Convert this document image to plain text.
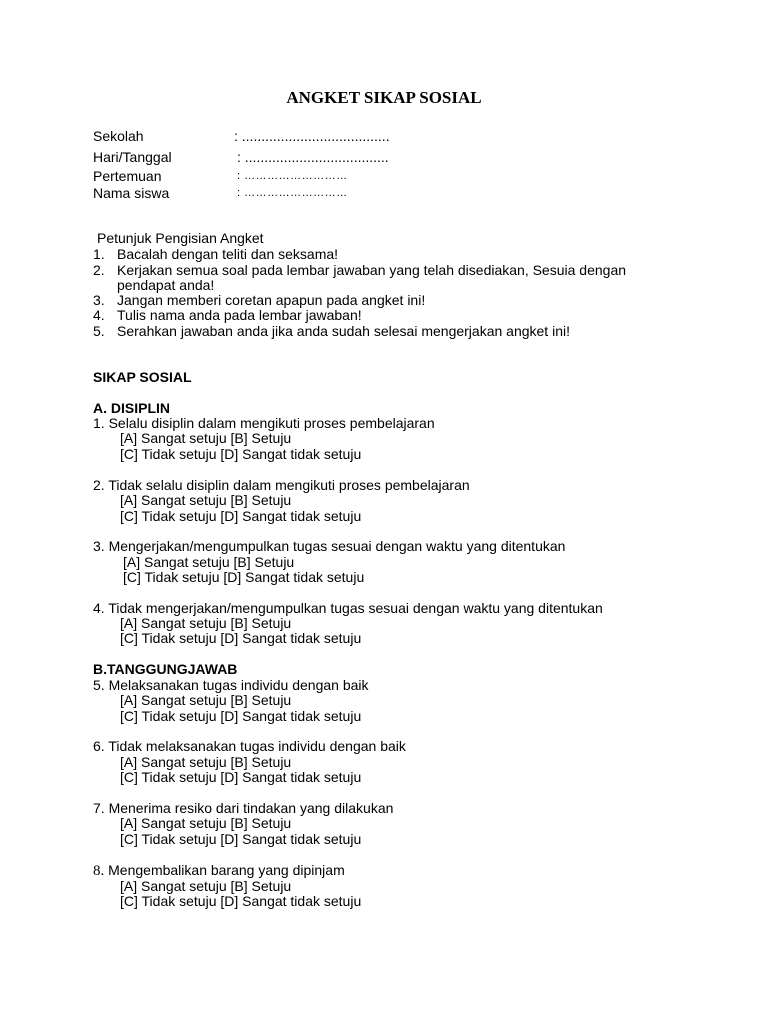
ANGKET SIKAP SOSIAL
Sekolah	: ......................................
Hari/Tanggal	: .....................................
Pertemuan	: ………………………
Nama siswa	: ………………………
Petunjuk Pengisian Angket
1. Bacalah dengan teliti dan seksama!
2. Kerjakan semua soal pada lembar jawaban yang telah disediakan, Sesuia dengan
pendapat anda!
3. Jangan memberi coretan apapun pada angket ini!
4. Tulis nama anda pada lembar jawaban!
5. Serahkan jawaban anda jika anda sudah selesai mengerjakan angket ini!
SIKAP SOSIAL
A. DISIPLIN
1. Selalu disiplin dalam mengikuti proses pembelajaran
[A] Sangat setuju [B] Setuju
[C] Tidak setuju [D] Sangat tidak setuju
2. Tidak selalu disiplin dalam mengikuti proses pembelajaran
[A] Sangat setuju [B] Setuju
[C] Tidak setuju [D] Sangat tidak setuju
3. Mengerjakan/mengumpulkan tugas sesuai dengan waktu yang ditentukan
[A] Sangat setuju [B] Setuju
[C] Tidak setuju [D] Sangat tidak setuju
4. Tidak mengerjakan/mengumpulkan tugas sesuai dengan waktu yang ditentukan
[A] Sangat setuju [B] Setuju
[C] Tidak setuju [D] Sangat tidak setuju
B.TANGGUNGJAWAB
5. Melaksanakan tugas individu dengan baik
[A] Sangat setuju [B] Setuju
[C] Tidak setuju [D] Sangat tidak setuju
6. Tidak melaksanakan tugas individu dengan baik
[A] Sangat setuju [B] Setuju
[C] Tidak setuju [D] Sangat tidak setuju
7. Menerima resiko dari tindakan yang dilakukan
[A] Sangat setuju [B] Setuju
[C] Tidak setuju [D] Sangat tidak setuju
8. Mengembalikan barang yang dipinjam
[A] Sangat setuju [B] Setuju
[C] Tidak setuju [D] Sangat tidak setuju
